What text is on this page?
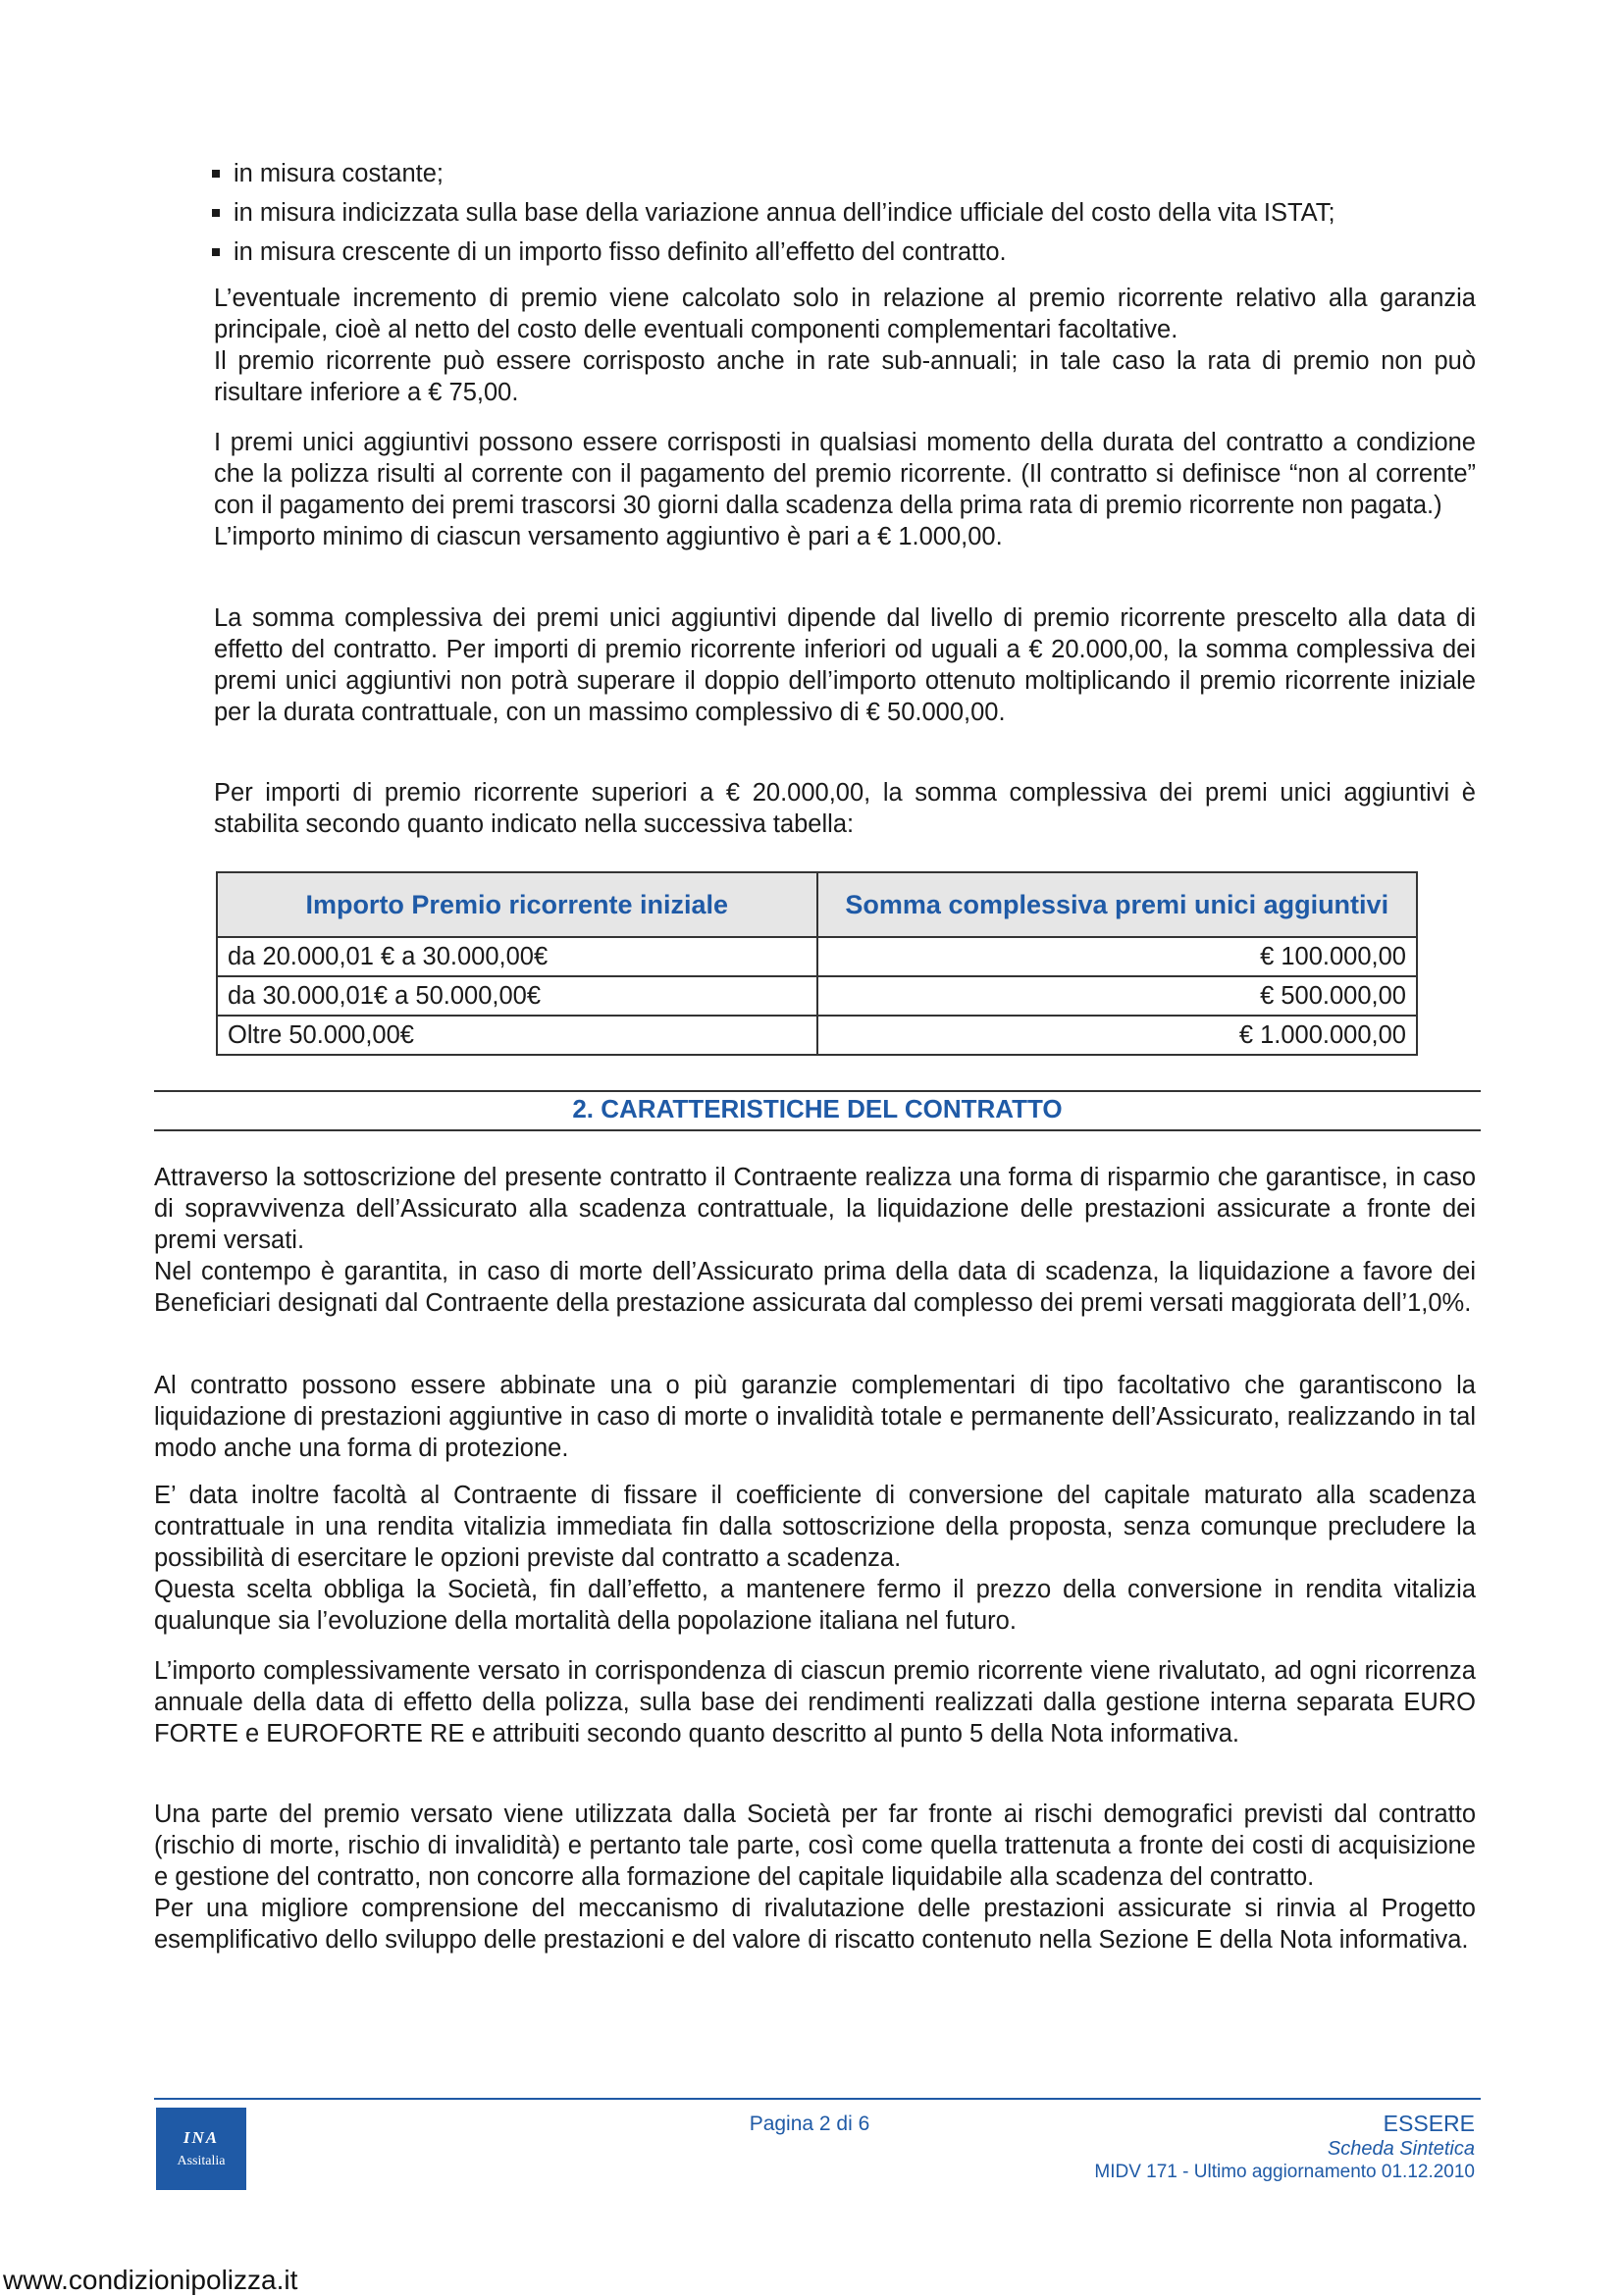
in misura costante;
in misura indicizzata sulla base della variazione annua dell’indice ufficiale del costo della vita ISTAT;
in misura crescente di un importo fisso definito all’effetto del contratto.

L’eventuale incremento di premio viene calcolato solo in relazione al premio ricorrente relativo alla garanzia principale, cioè al netto del costo delle eventuali componenti complementari facoltative.

Il premio ricorrente può essere corrisposto anche in rate sub-annuali; in tale caso la rata di premio non può risultare inferiore a € 75,00.

I premi unici aggiuntivi possono essere corrisposti in qualsiasi momento della durata del contratto a condizione che la polizza risulti al corrente con il pagamento del premio ricorrente. (Il contratto si definisce “non al corrente” con il pagamento dei premi trascorsi 30 giorni dalla scadenza della prima rata di premio ricorrente non pagata.)

L’importo minimo di ciascun versamento aggiuntivo è pari a € 1.000,00.

La somma complessiva dei premi unici aggiuntivi dipende dal livello di premio ricorrente prescelto alla data di effetto del contratto. Per importi di premio ricorrente inferiori od uguali a € 20.000,00, la somma complessiva dei premi unici aggiuntivi non potrà superare il doppio dell’importo ottenuto moltiplicando il premio ricorrente iniziale per la durata contrattuale, con un massimo complessivo di € 50.000,00.

Per importi di premio ricorrente superiori a € 20.000,00, la somma complessiva dei premi unici aggiuntivi è stabilita secondo quanto indicato nella successiva tabella:

Importo Premio ricorrente iniziale	Somma complessiva premi unici aggiuntivi
da 20.000,01 € a 30.000,00€	€ 100.000,00
da 30.000,01€ a 50.000,00€	€ 500.000,00
Oltre 50.000,00€	€ 1.000.000,00
2. CARATTERISTICHE DEL CONTRATTO

Attraverso la sottoscrizione del presente contratto il Contraente realizza una forma di risparmio che garantisce, in caso di sopravvivenza dell’Assicurato alla scadenza contrattuale, la liquidazione delle prestazioni assicurate a fronte dei premi versati.

Nel contempo è garantita, in caso di morte dell’Assicurato prima della data di scadenza, la liquidazione a favore dei Beneficiari designati dal Contraente della prestazione assicurata dal complesso dei premi versati maggiorata dell’1,0%.

Al contratto possono essere abbinate una o più garanzie complementari di tipo facoltativo che garantiscono la liquidazione di prestazioni aggiuntive in caso di morte o invalidità totale e permanente dell’Assicurato, realizzando in tal modo anche una forma di protezione.

E’ data inoltre facoltà al Contraente di fissare il coefficiente di conversione del capitale maturato alla scadenza contrattuale in una rendita vitalizia immediata fin dalla sottoscrizione della proposta, senza comunque precludere la possibilità di esercitare le opzioni previste dal contratto a scadenza.

Questa scelta obbliga la Società, fin dall’effetto, a mantenere fermo il prezzo della conversione in rendita vitalizia qualunque sia l’evoluzione della mortalità della popolazione italiana nel futuro.

L’importo complessivamente versato in corrispondenza di ciascun premio ricorrente viene rivalutato, ad ogni ricorrenza annuale della data di effetto della polizza, sulla base dei rendimenti realizzati dalla gestione interna separata EURO FORTE e EUROFORTE RE e attribuiti secondo quanto descritto al punto 5 della Nota informativa.

Una parte del premio versato viene utilizzata dalla Società per far fronte ai rischi demografici previsti dal contratto (rischio di morte, rischio di invalidità) e pertanto tale parte, così come quella trattenuta a fronte dei costi di acquisizione e gestione del contratto, non concorre alla formazione del capitale liquidabile alla scadenza del contratto.

Per una migliore comprensione del meccanismo di rivalutazione delle prestazioni assicurate si rinvia al Progetto esemplificativo dello sviluppo delle prestazioni e del valore di riscatto contenuto nella Sezione E della Nota informativa.

INA
Assitalia
Pagina 2 di 6	ESSERE
Scheda Sintetica
MIDV 171 - Ultimo aggiornamento 01.12.2010
www.condizionipolizza.it
